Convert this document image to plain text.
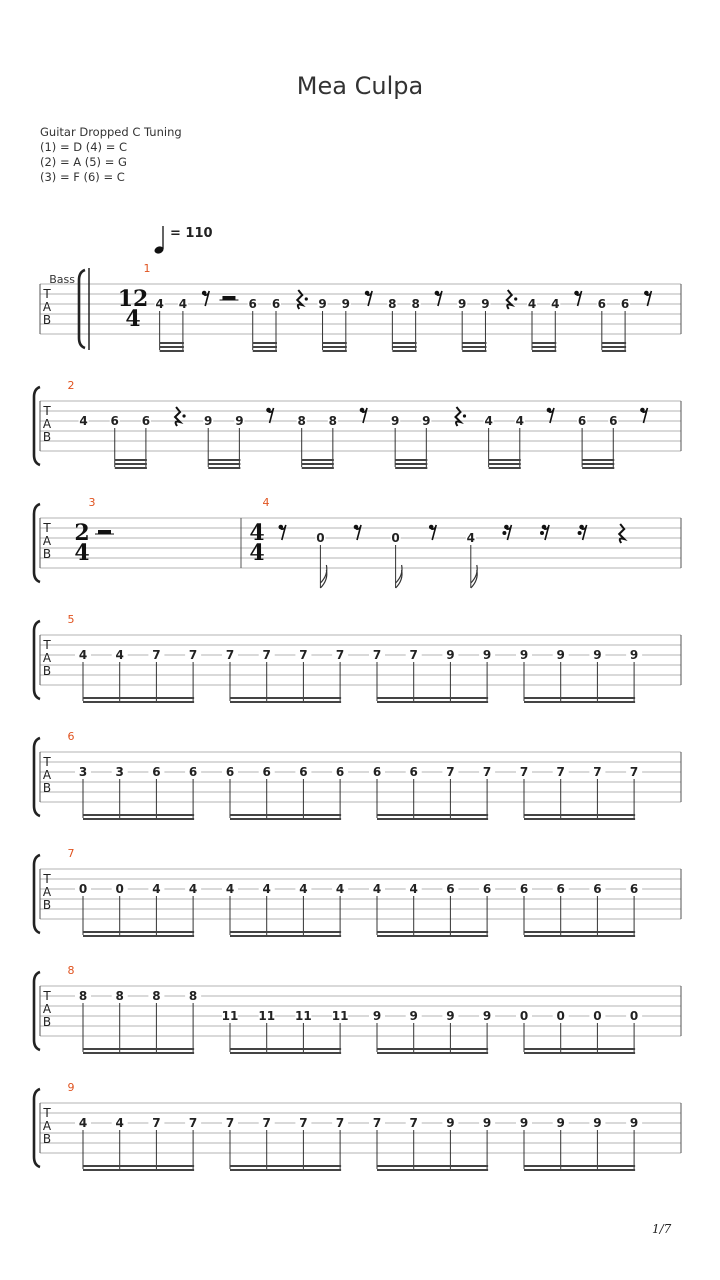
Mea Culpa
Guitar Dropped C Tuning
(1) = D (4) = C
(2) = A (5) = G
(3) = F (6) = C
= 110
T
A
B
Bass
1
12
4
4 4	6 6	9 9	8 8	9 9	4 4	6 6
T
A
B
2
4 6 6	9 9	8 8	9 9	4 4	6 6
T
A
B
3
2
4
4
4
4
0	0	4
T
A
B
5
4 4 7 7 7 7 7 7 7 7 9 9 9 9 9 9
T
A
B
6
3 3 6 6 6 6 6 6 6 6 7 7 7 7 7 7
T
A
B
7
0 0 4 4 4 4 4 4 4 4 6 6 6 6 6 6
T
A
B
8
8 8 8 8
11 11 11 11 9 9 9 9 0 0 0 0
T
A
B
9
4 4 7 7 7 7 7 7 7 7 9 9 9 9 9 9
1/7
